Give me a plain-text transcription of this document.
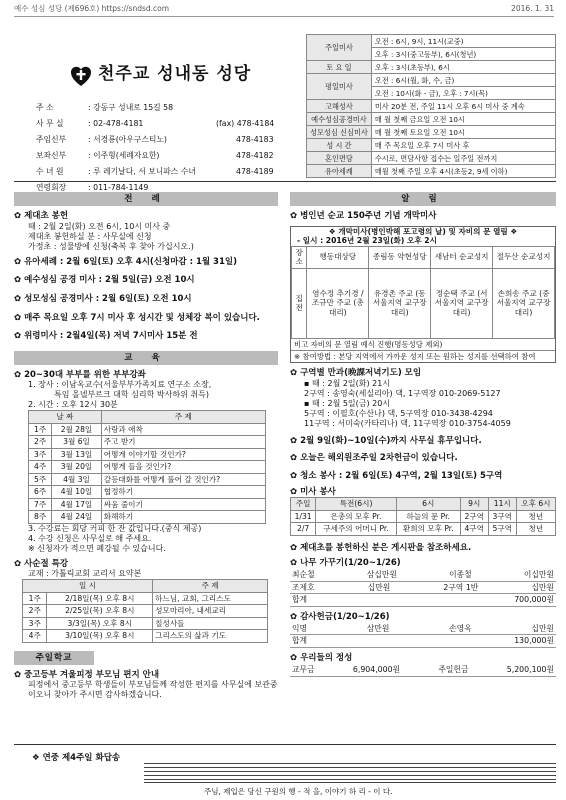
예수 성심 성당 (제696호) https://sndsd.com	2016. 1. 31
천주교 성내동 성당
주 소	: 강동구 성내로 15길 58
사 무 실	: 02-478-4181	(fax) 478-4184
주임신부	: 서경룡(아우구스티노)	478-4183
보좌신부	: 이주형(세례자요한)	478-4182
수 녀 원	: 루 레기날다, 서 보니파스 수녀	478-4189
연령회장	: 011-784-1149
주일미사	오전 : 6시, 9시, 11시(교중)
	오후 : 3시(중고등부), 6시(청년)
토 요 일	오후 : 3시(초등부), 6시
평일미사	오전 : 6시(월, 화, 수, 금)
	오전 : 10시(화 - 금), 오후 : 7시(목)
고해성사	미사 20분 전, 주일 11시 오후 6시 미사 중 계속
예수성심공경미사	매 월 첫째 금요일 오전 10시
성모성심 신심미사	매 월 첫째 토요일 오전 10시
성 시 간	매 주 목요일 오후 7시 미사 후
혼인면담	수시로, 면담사항 접수는 일주일 전까지
유아세례	매월 첫째 주일 오후 4시(초등2, 9세 이하)
전 례
✿ 제대초 봉헌
때 : 2월 2일(화) 오전 6시, 10시 미사 중
제대초 봉헌하실 분 : 사무실에 신청
가정초 : 성물방에 신청(축복 후 찾아 가십시오.)
✿ 유아세례 : 2월 6일(토) 오후 4시(신청마감 : 1월 31일)
✿ 예수성심 공경 미사 : 2월 5일(금) 오전 10시
✿ 성모성심 공경미사 : 2월 6일(토) 오전 10시
✿ 매주 목요일 오후 7시 미사 후 성시간 및 성체강 복이 있습니다.
✿ 위령미사 : 2월4일(목) 저녁 7시미사 15분 전
교 육
✿ 20~30대 부부를 위한 부부강좌
1. 장사 : 이남옥교수(서울부부가족치료 연구소 소장,
특임 올넬부르크 대학 심리학 박사하위 취득)
2. 시간 : 오후 12시 30분
날 짜		주 제
1주	2월 28일	사랑과 애착
2주	3월 6일	주고 받기
3주	3월 13일	어떻게 이야기할 것인가?
4주	3월 20일	어떻게 들을 것인가?
5주	4월 3일	갈등대화를 어떻게 풀어 갈 것인가?
6주	4월 10일	협정하기
7주	4월 17일	싸움 줄이기
8주	4월 24일	화해하기
3. 수강료는 회당 커피 한 잔 값입니다.(중식 제공)
4. 수강 신청은 사무실로 해 주세요.
※ 신청자가 적으면 폐강될 수 있습니다.
✿ 사순절 특강
교재 : 가톨릭교회 교리서 요약본
일 시		주 제
1주	2/18일(목) 오후 8시	하느님, 교회, 그리스도
2주	2/25일(목) 오후 8시	성모마리아, 내세교리
3주	3/3일(목) 오후 8시	칠성사들
4주	3/10일(목) 오후 8시	그리스도의 삶과 기도
주일학교
✿ 중고등부 겨울피정 부모님 편지 안내
피정에서 중고등부 학생들이 부모님들께 작성한 편지를 사무실에 보관중이오니 찾아가 주시면 감사하겠습니다.
알 림
✿ 병인년 순교 150주년 기념 개막미사
❖ 개막미사(병인박해 포고령의 날) 및 자비의 문 열림 ❖
- 일시 : 2016년 2월 23일(화) 오후 2시
장소	행동대상당	종림동 약현성당	새남터 순교성지	절두산 순교성지
집전	염수정 추기경 / 조규만 주교 (총대리)	유경촌 주교 (동서울지역 교구장대리)	정순택 주교 (서서울지역 교구장대리)	손희송 주교 (중서울지역 교구장대리)
비고 자비의 문 열림 예식 진행(명동성당 제외)
※ 참여방법 : 본당 지역에서 가까운 성지 또는 원하는 성지를 선택하여 참여
✿ 구역별 만과(晩課저녁기도) 모임
▪ 때 : 2월 2일(화) 21시
2구역 : 송영숙(세실리아) 댁, 1구역장 010-2069-5127
▪ 때 : 2월 5일(금) 20시
5구역 : 이필호(수산나) 댁, 5구역장 010-3438-4294
11구역 : 서미숙(카타리나) 댁, 11구역장 010-3754-4059
✿ 2월 9일(화)~10일(수)까지 사무실 휴무입니다.
✿ 오늘은 해외원조주일 2차헌금이 있습니다.
✿ 청소 봉사 : 2월 6일(토) 4구역, 2월 13일(토) 5구역
✿ 미사 봉사
주일	특전(6시)	6시	9시	11시	오후 6시
1/31	은총의 모후 Pr.	하늘의 문 Pr.	2구역	3구역	청년
2/7	구세주의 어머니 Pr.	환희의 모후 Pr.	4구역	5구역	청년
✿ 제대초를 봉헌하신 분은 게시판을 참조하세요.
✿ 나무 가꾸기(1/20~1/26)
최순철	삼십만원	이종철	이십만원
조제호	십만원	2구역 1반	십만원
합계	700,000원
✿ 감사헌금(1/20~1/26)
익명	삼만원	손영옥	십만원
합계	130,000원
✿ 우리들의 정성
교무금	6,904,000원	주일헌금	5,200,100원
❖ 연중 제4주일 화답송
주님, 제입은 당신 구원의 행 - 적 을, 이야기 하 리 - 이 다.
